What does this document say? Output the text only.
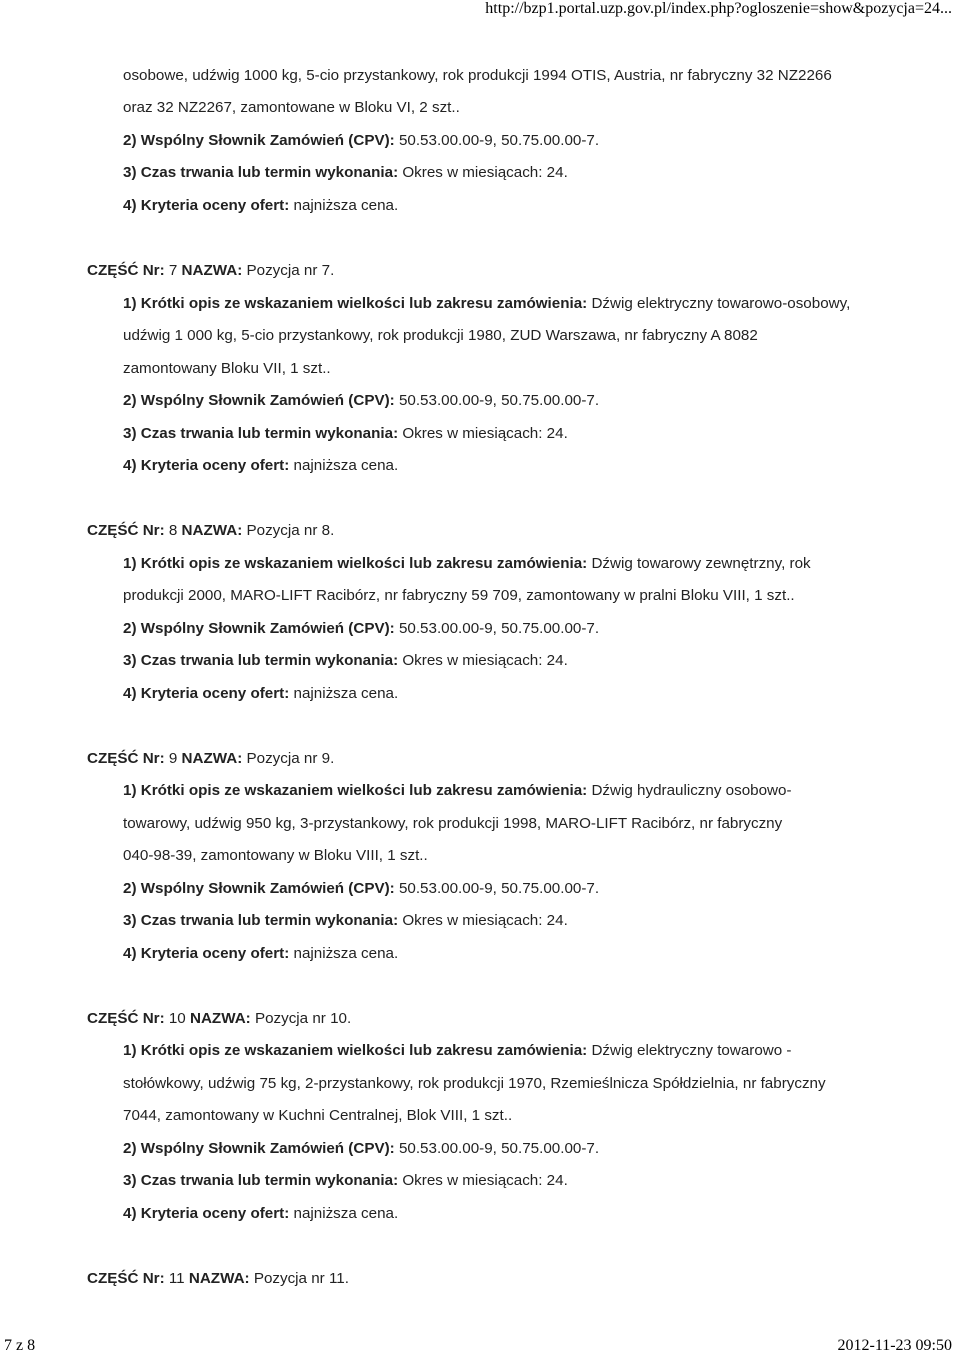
http://bzp1.portal.uzp.gov.pl/index.php?ogloszenie=show&pozycja=24...
osobowe, udźwig 1000 kg, 5-cio przystankowy, rok produkcji 1994 OTIS, Austria, nr fabryczny 32 NZ2266
oraz 32 NZ2267, zamontowane w Bloku VI, 2 szt..
2) Wspólny Słownik Zamówień (CPV): 50.53.00.00-9, 50.75.00.00-7.
3) Czas trwania lub termin wykonania: Okres w miesiącach: 24.
4) Kryteria oceny ofert: najniższa cena.
CZĘŚĆ Nr: 7 NAZWA: Pozycja nr 7.
1) Krótki opis ze wskazaniem wielkości lub zakresu zamówienia: Dźwig elektryczny towarowo-osobowy,
udźwig 1 000 kg, 5-cio przystankowy, rok produkcji 1980, ZUD Warszawa, nr fabryczny A 8082
zamontowany Bloku VII, 1 szt..
2) Wspólny Słownik Zamówień (CPV): 50.53.00.00-9, 50.75.00.00-7.
3) Czas trwania lub termin wykonania: Okres w miesiącach: 24.
4) Kryteria oceny ofert: najniższa cena.
CZĘŚĆ Nr: 8 NAZWA: Pozycja nr 8.
1) Krótki opis ze wskazaniem wielkości lub zakresu zamówienia: Dźwig towarowy zewnętrzny, rok
produkcji 2000, MARO-LIFT Racibórz, nr fabryczny 59 709, zamontowany w pralni Bloku VIII, 1 szt..
2) Wspólny Słownik Zamówień (CPV): 50.53.00.00-9, 50.75.00.00-7.
3) Czas trwania lub termin wykonania: Okres w miesiącach: 24.
4) Kryteria oceny ofert: najniższa cena.
CZĘŚĆ Nr: 9 NAZWA: Pozycja nr 9.
1) Krótki opis ze wskazaniem wielkości lub zakresu zamówienia: Dźwig hydrauliczny osobowo-
towarowy, udźwig 950 kg, 3-przystankowy, rok produkcji 1998, MARO-LIFT Racibórz, nr fabryczny
040-98-39, zamontowany w Bloku VIII, 1 szt..
2) Wspólny Słownik Zamówień (CPV): 50.53.00.00-9, 50.75.00.00-7.
3) Czas trwania lub termin wykonania: Okres w miesiącach: 24.
4) Kryteria oceny ofert: najniższa cena.
CZĘŚĆ Nr: 10 NAZWA: Pozycja nr 10.
1) Krótki opis ze wskazaniem wielkości lub zakresu zamówienia: Dźwig elektryczny towarowo -
stołówkowy, udźwig 75 kg, 2-przystankowy, rok produkcji 1970, Rzemieślnicza Spółdzielnia, nr fabryczny
7044, zamontowany w Kuchni Centralnej, Blok VIII, 1 szt..
2) Wspólny Słownik Zamówień (CPV): 50.53.00.00-9, 50.75.00.00-7.
3) Czas trwania lub termin wykonania: Okres w miesiącach: 24.
4) Kryteria oceny ofert: najniższa cena.
CZĘŚĆ Nr: 11 NAZWA: Pozycja nr 11.
7 z 8	2012-11-23 09:50
